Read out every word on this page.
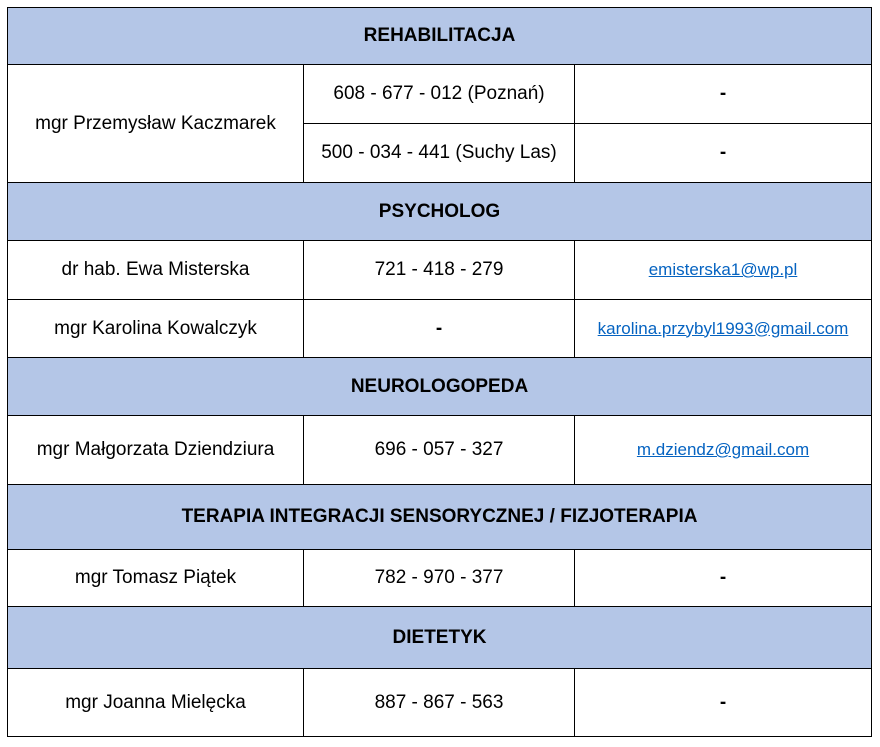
REHABILITACJA		
mgr Przemysław Kaczmarek	608 - 677 - 012 (Poznań)	-
	500 - 034 - 441 (Suchy Las)	-
PSYCHOLOG		
dr hab. Ewa Misterska	721 - 418 - 279	emisterska1@wp.pl
mgr Karolina Kowalczyk	-	karolina.przybyl1993@gmail.com
NEUROLOGOPEDA		
mgr Małgorzata Dziendziura	696 - 057 - 327	m.dziendz@gmail.com
TERAPIA INTEGRACJI SENSORYCZNEJ / FIZJOTERAPIA		
mgr Tomasz Piątek	782 - 970 - 377	-
DIETETYK		
mgr Joanna Mielęcka	887 - 867 - 563	-
